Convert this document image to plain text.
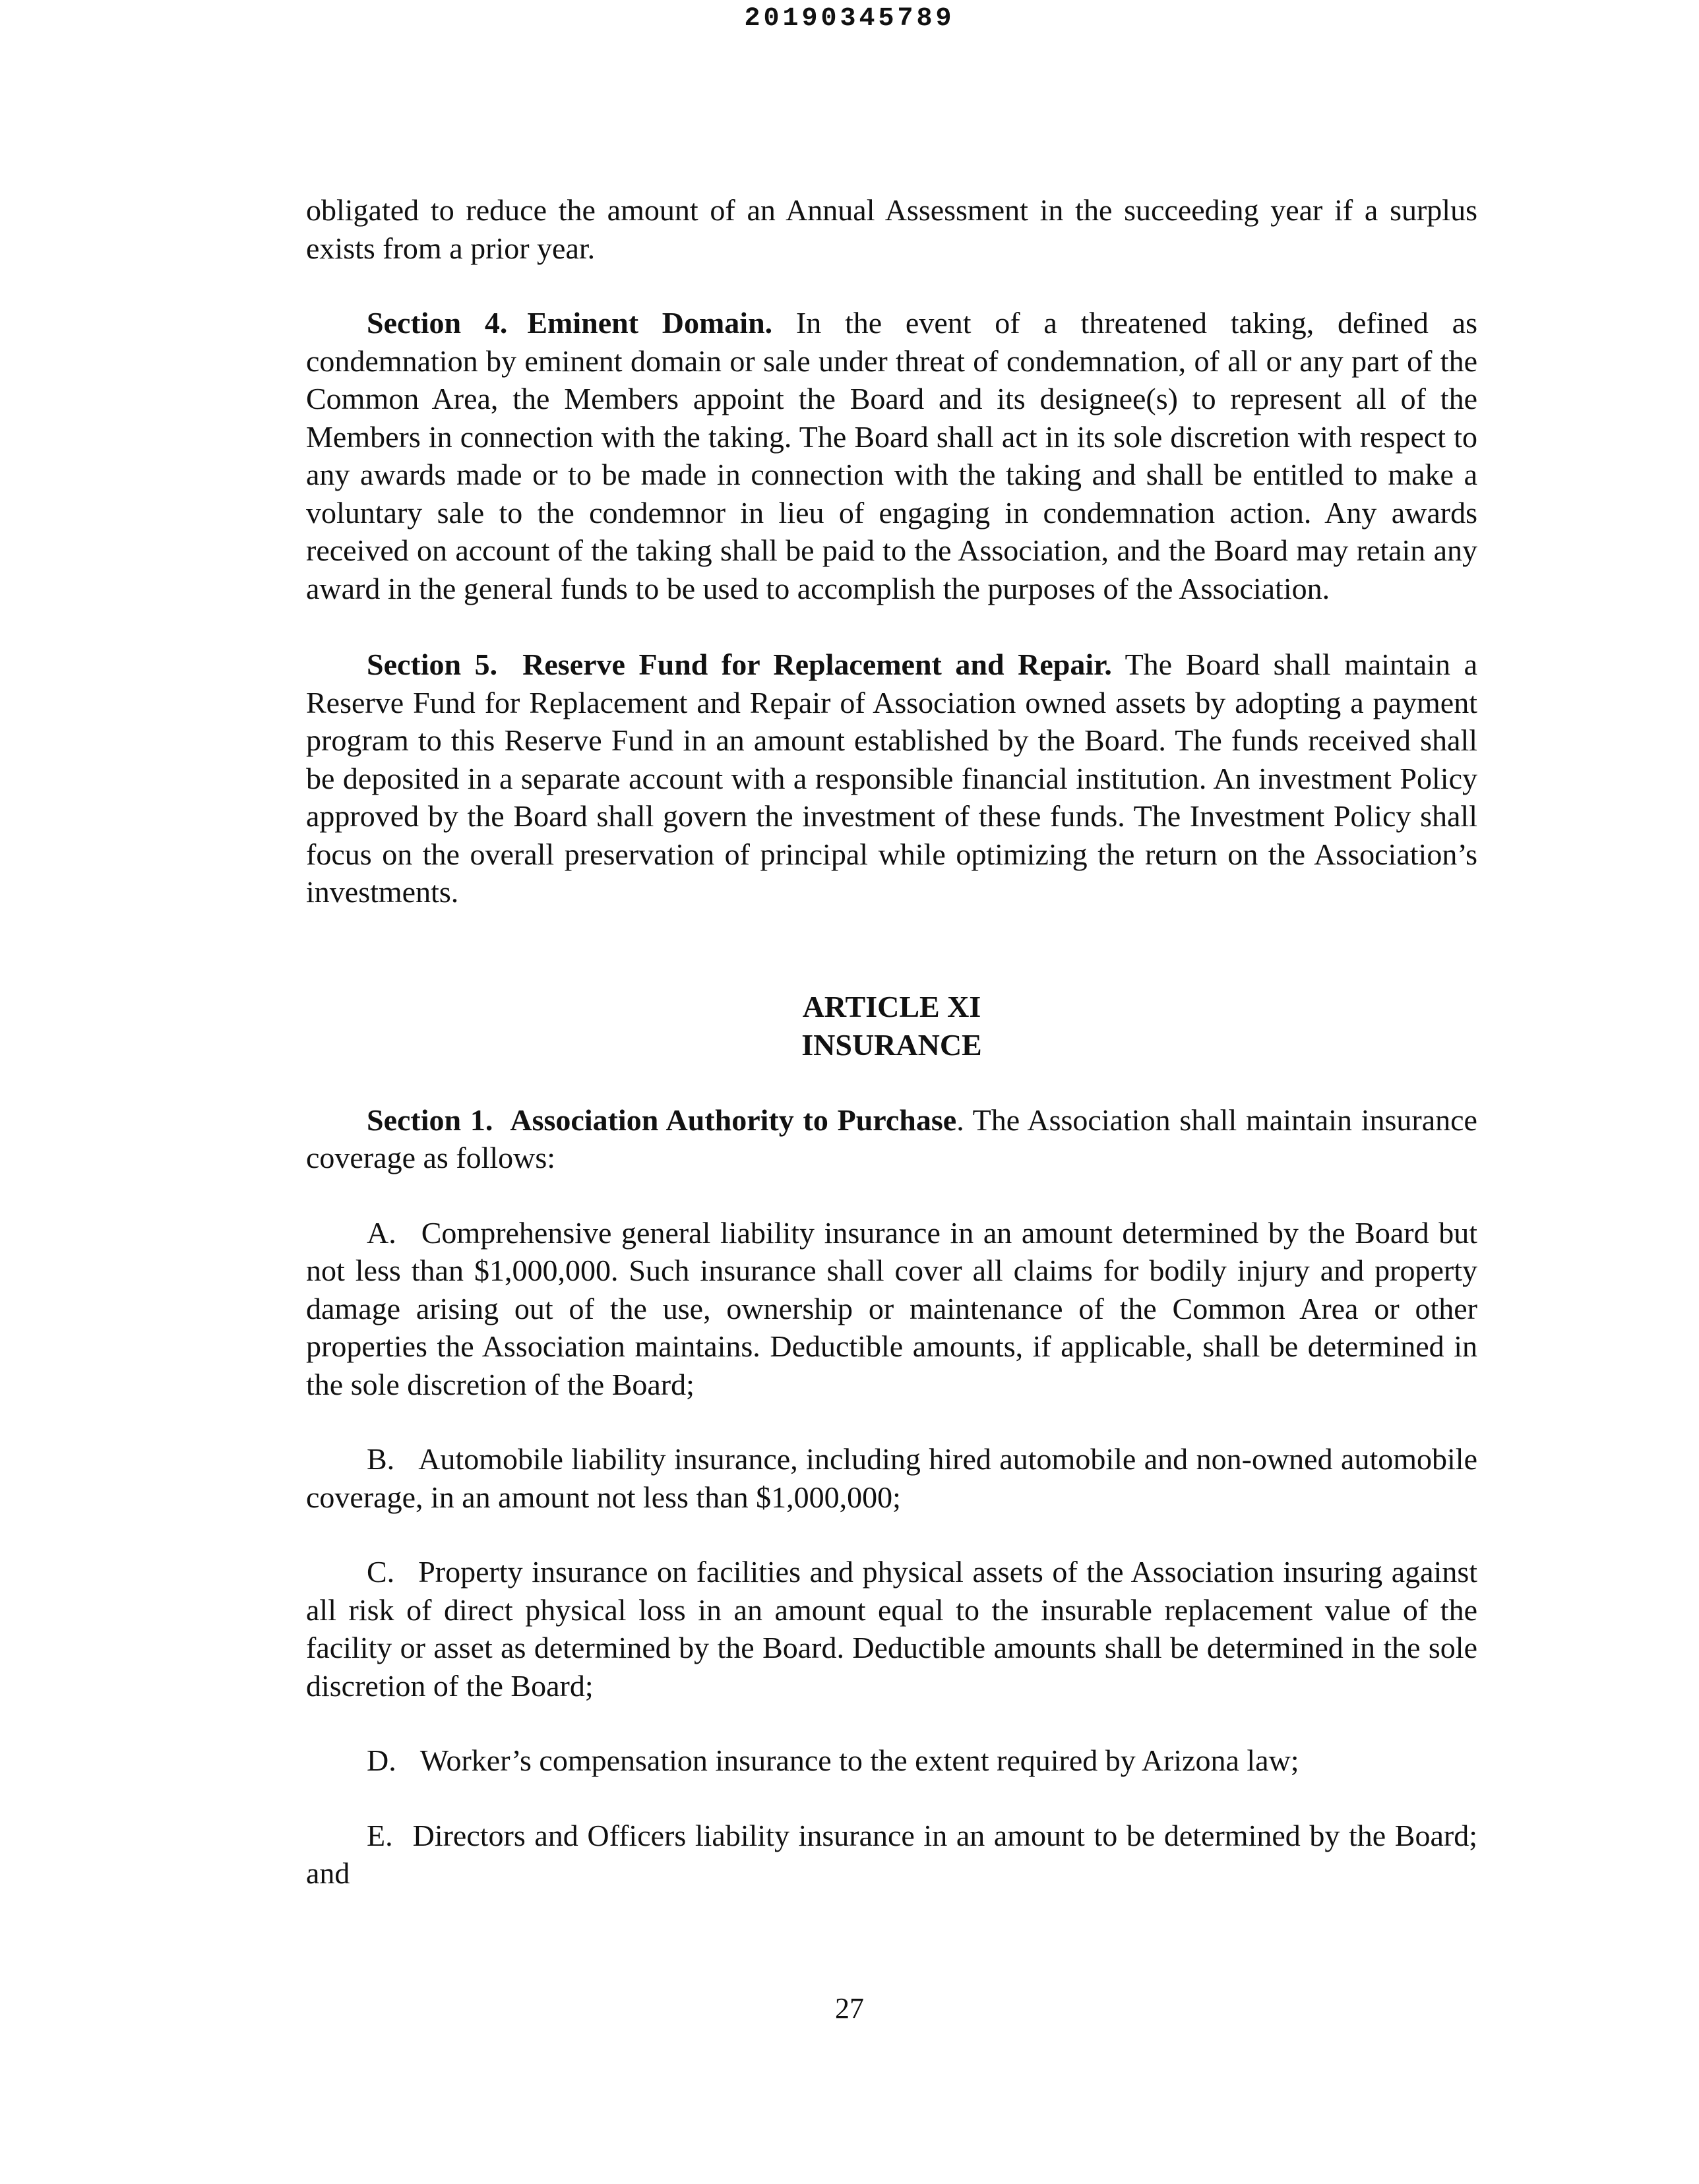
20190345789

obligated to reduce the amount of an Annual Assessment in the succeeding year if a surplus exists from a prior year.

Section 4. Eminent Domain. In the event of a threatened taking, defined as condemnation by eminent domain or sale under threat of condemnation, of all or any part of the Common Area, the Members appoint the Board and its designee(s) to represent all of the Members in connection with the taking. The Board shall act in its sole discretion with respect to any awards made or to be made in connection with the taking and shall be entitled to make a voluntary sale to the condemnor in lieu of engaging in condemnation action. Any awards received on account of the taking shall be paid to the Association, and the Board may retain any award in the general funds to be used to accomplish the purposes of the Association.

Section 5. Reserve Fund for Replacement and Repair. The Board shall maintain a Reserve Fund for Replacement and Repair of Association owned assets by adopting a payment program to this Reserve Fund in an amount established by the Board. The funds received shall be deposited in a separate account with a responsible financial institution. An investment Policy approved by the Board shall govern the investment of these funds. The Investment Policy shall focus on the overall preservation of principal while optimizing the return on the Association’s investments.

ARTICLE XI
INSURANCE

Section 1. Association Authority to Purchase. The Association shall maintain insurance coverage as follows:

A. Comprehensive general liability insurance in an amount determined by the Board but not less than $1,000,000. Such insurance shall cover all claims for bodily injury and property damage arising out of the use, ownership or maintenance of the Common Area or other properties the Association maintains. Deductible amounts, if applicable, shall be determined in the sole discretion of the Board;

B. Automobile liability insurance, including hired automobile and non-owned automobile coverage, in an amount not less than $1,000,000;

C. Property insurance on facilities and physical assets of the Association insuring against all risk of direct physical loss in an amount equal to the insurable replacement value of the facility or asset as determined by the Board. Deductible amounts shall be determined in the sole discretion of the Board;

D. Worker’s compensation insurance to the extent required by Arizona law;

E. Directors and Officers liability insurance in an amount to be determined by the Board; and

27
